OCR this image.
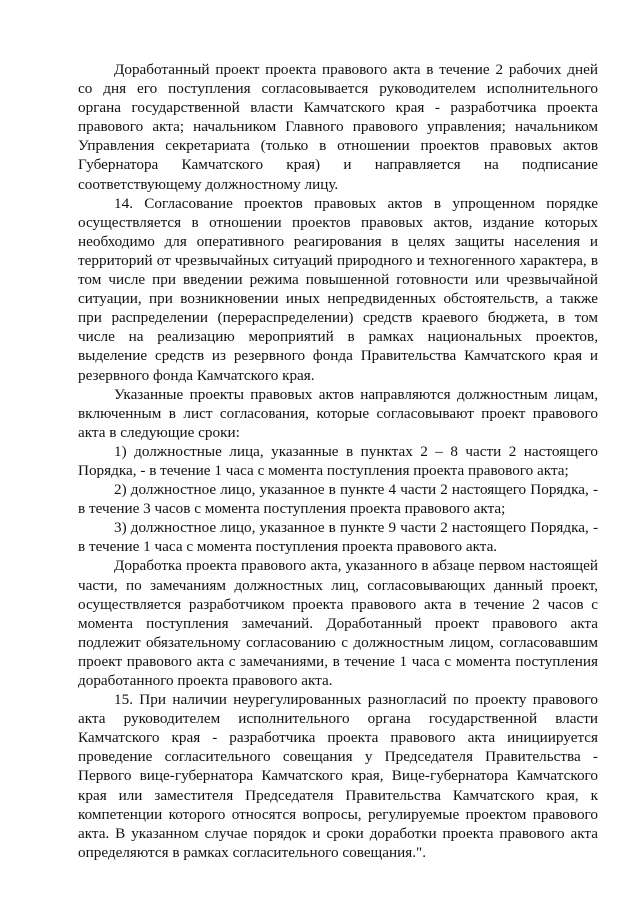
Доработанный проект проекта правового акта в течение 2 рабочих дней со дня его поступления согласовывается руководителем исполнительного органа государственной власти Камчатского края - разработчика проекта правового акта; начальником Главного правового управления; начальником Управления секретариата (только в отношении проектов правовых актов Губернатора Камчатского края) и направляется на подписание соответствующему должностному лицу.

14. Согласование проектов правовых актов в упрощенном порядке осуществляется в отношении проектов правовых актов, издание которых необходимо для оперативного реагирования в целях защиты населения и территорий от чрезвычайных ситуаций природного и техногенного характера, в том числе при введении режима повышенной готовности или чрезвычайной ситуации, при возникновении иных непредвиденных обстоятельств, а также при распределении (перераспределении) средств краевого бюджета, в том числе на реализацию мероприятий в рамках национальных проектов, выделение средств из резервного фонда Правительства Камчатского края и резервного фонда Камчатского края.

Указанные проекты правовых актов направляются должностным лицам, включенным в лист согласования, которые согласовывают проект правового акта в следующие сроки:

1) должностные лица, указанные в пунктах 2 – 8 части 2 настоящего Порядка, - в течение 1 часа с момента поступления проекта правового акта;

2) должностное лицо, указанное в пункте 4 части 2 настоящего Порядка, - в течение 3 часов с момента поступления проекта правового акта;

3) должностное лицо, указанное в пункте 9 части 2 настоящего Порядка, - в течение 1 часа с момента поступления проекта правового акта.

Доработка проекта правового акта, указанного в абзаце первом настоящей части, по замечаниям должностных лиц, согласовывающих данный проект, осуществляется разработчиком проекта правового акта в течение 2 часов с момента поступления замечаний. Доработанный проект правового акта подлежит обязательному согласованию с должностным лицом, согласовавшим проект правового акта с замечаниями, в течение 1 часа с момента поступления доработанного проекта правового акта.

15. При наличии неурегулированных разногласий по проекту правового акта руководителем исполнительного органа государственной власти Камчатского края - разработчика проекта правового акта инициируется проведение согласительного совещания у Председателя Правительства - Первого вице-губернатора Камчатского края, Вице-губернатора Камчатского края или заместителя Председателя Правительства Камчатского края, к компетенции которого относятся вопросы, регулируемые проектом правового акта. В указанном случае порядок и сроки доработки проекта правового акта определяются в рамках согласительного совещания.".
